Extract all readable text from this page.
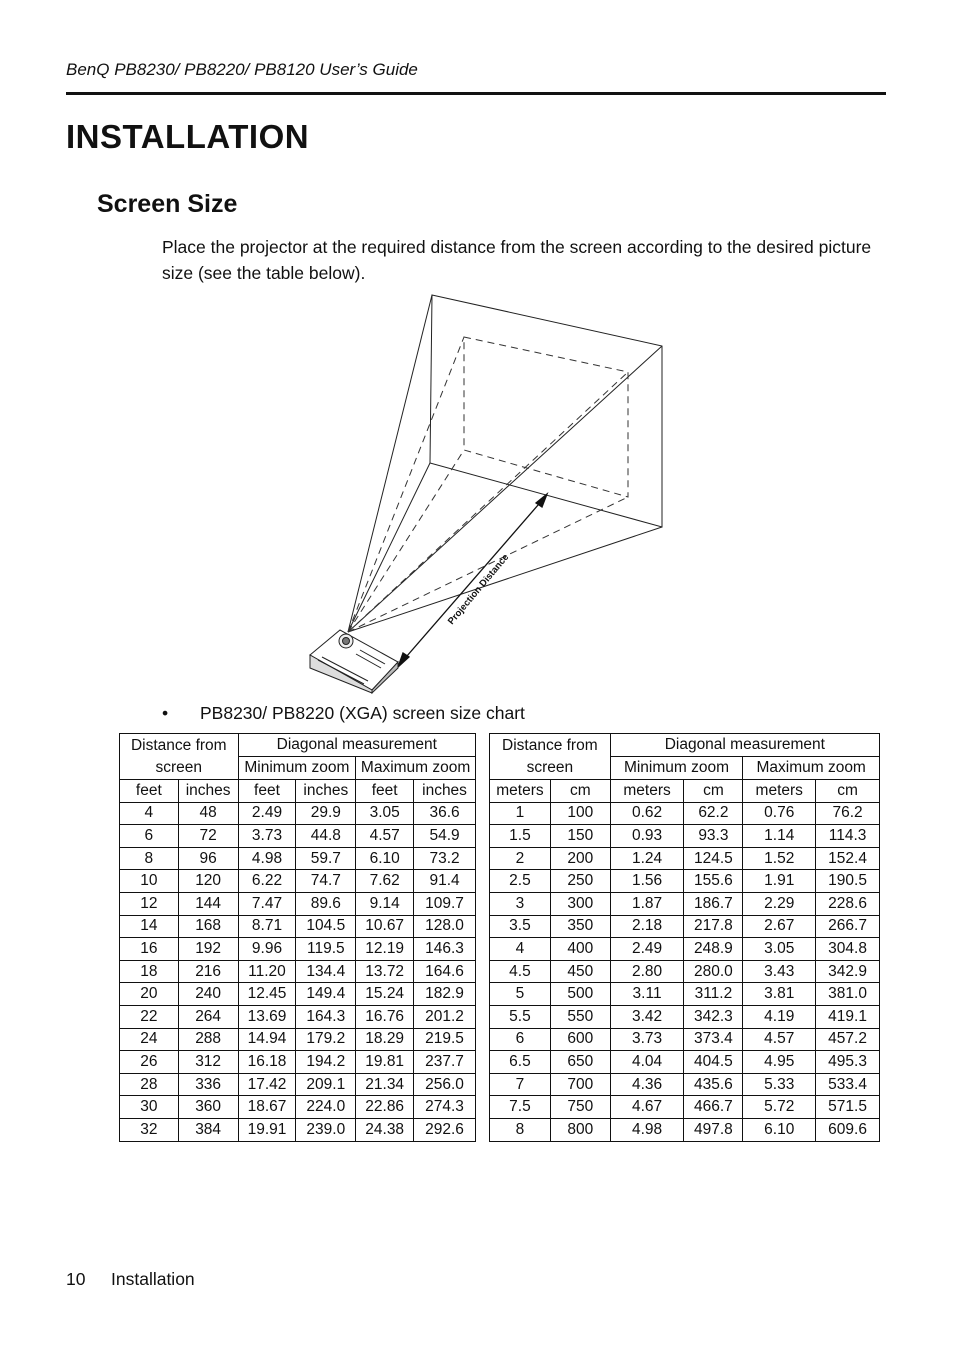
BenQ PB8230/ PB8220/ PB8120 User’s Guide
INSTALLATION
Screen Size
Place the projector at the required distance from the screen according to the desired picture size (see the table below).
Projection Distance
• PB8230/ PB8220 (XGA) screen size chart
Distance from screen		Diagonal measurement			
		Minimum zoom		Maximum zoom	
feet	inches	feet	inches	feet	inches
4	48	2.49	29.9	3.05	36.6
6	72	3.73	44.8	4.57	54.9
8	96	4.98	59.7	6.10	73.2
10	120	6.22	74.7	7.62	91.4
12	144	7.47	89.6	9.14	109.7
14	168	8.71	104.5	10.67	128.0
16	192	9.96	119.5	12.19	146.3
18	216	11.20	134.4	13.72	164.6
20	240	12.45	149.4	15.24	182.9
22	264	13.69	164.3	16.76	201.2
24	288	14.94	179.2	18.29	219.5
26	312	16.18	194.2	19.81	237.7
28	336	17.42	209.1	21.34	256.0
30	360	18.67	224.0	22.86	274.3
32	384	19.91	239.0	24.38	292.6
Distance from screen		Diagonal measurement			
		Minimum zoom		Maximum zoom	
meters	cm	meters	cm	meters	cm
1	100	0.62	62.2	0.76	76.2
1.5	150	0.93	93.3	1.14	114.3
2	200	1.24	124.5	1.52	152.4
2.5	250	1.56	155.6	1.91	190.5
3	300	1.87	186.7	2.29	228.6
3.5	350	2.18	217.8	2.67	266.7
4	400	2.49	248.9	3.05	304.8
4.5	450	2.80	280.0	3.43	342.9
5	500	3.11	311.2	3.81	381.0
5.5	550	3.42	342.3	4.19	419.1
6	600	3.73	373.4	4.57	457.2
6.5	650	4.04	404.5	4.95	495.3
7	700	4.36	435.6	5.33	533.4
7.5	750	4.67	466.7	5.72	571.5
8	800	4.98	497.8	6.10	609.6
10 Installation
